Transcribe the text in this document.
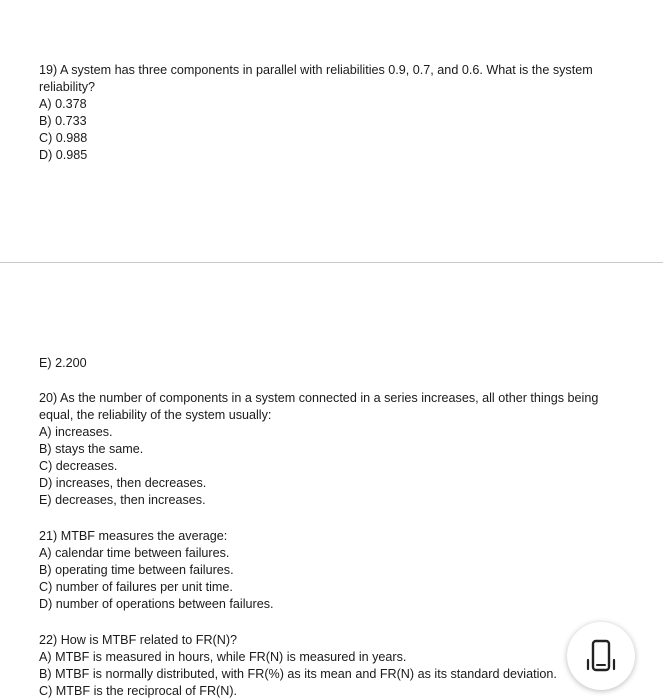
19) A system has three components in parallel with reliabilities 0.9, 0.7, and 0.6. What is the system reliability?
A) 0.378
B) 0.733
C) 0.988
D) 0.985
E) 2.200
20) As the number of components in a system connected in a series increases, all other things being equal, the reliability of the system usually:
A) increases.
B) stays the same.
C) decreases.
D) increases, then decreases.
E) decreases, then increases.
21) MTBF measures the average:
A) calendar time between failures.
B) operating time between failures.
C) number of failures per unit time.
D) number of operations between failures.
22) How is MTBF related to FR(N)?
A) MTBF is measured in hours, while FR(N) is measured in years.
B) MTBF is normally distributed, with FR(%) as its mean and FR(N) as its standard deviation.
C) MTBF is the reciprocal of FR(N).
